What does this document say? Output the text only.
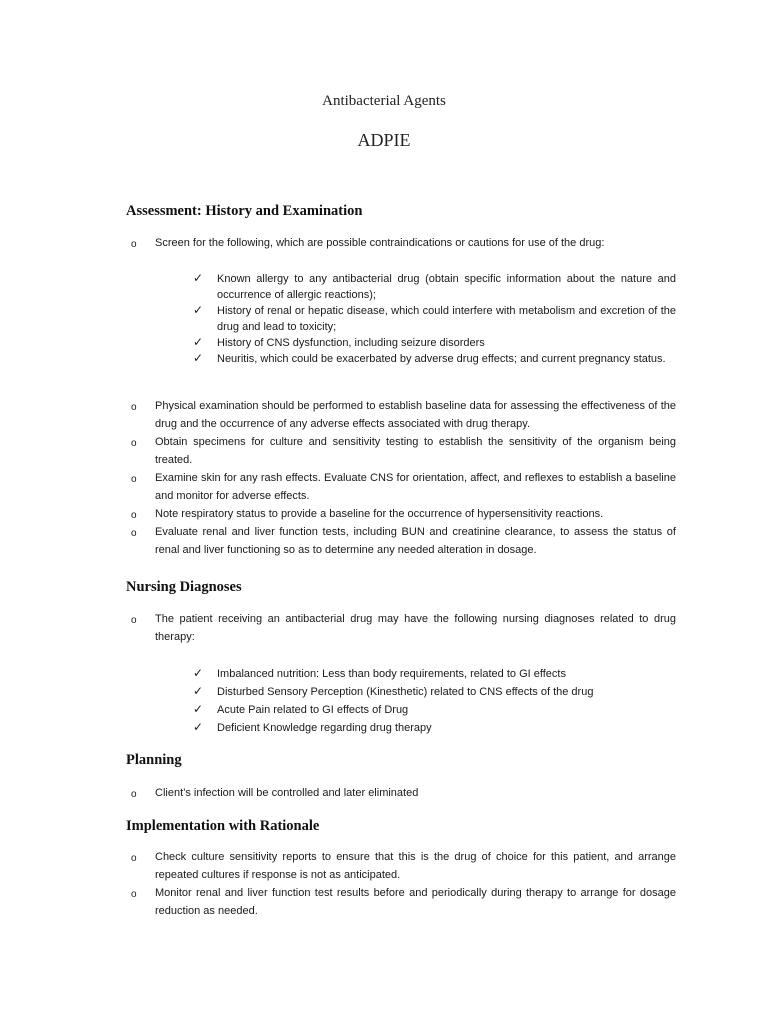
Antibacterial Agents
ADPIE
Assessment: History and Examination
o Screen for the following, which are possible contraindications or cautions for use of the drug:
✓ Known allergy to any antibacterial drug (obtain specific information about the nature and occurrence of allergic reactions);
✓ History of renal or hepatic disease, which could interfere with metabolism and excretion of the drug and lead to toxicity;
✓ History of CNS dysfunction, including seizure disorders
✓ Neuritis, which could be exacerbated by adverse drug effects; and current pregnancy status.
o Physical examination should be performed to establish baseline data for assessing the effectiveness of the drug and the occurrence of any adverse effects associated with drug therapy.
o Obtain specimens for culture and sensitivity testing to establish the sensitivity of the organism being treated.
o Examine skin for any rash effects. Evaluate CNS for orientation, affect, and reflexes to establish a baseline and monitor for adverse effects.
o Note respiratory status to provide a baseline for the occurrence of hypersensitivity reactions.
o Evaluate renal and liver function tests, including BUN and creatinine clearance, to assess the status of renal and liver functioning so as to determine any needed alteration in dosage.
Nursing Diagnoses
o The patient receiving an antibacterial drug may have the following nursing diagnoses related to drug therapy:
✓ Imbalanced nutrition: Less than body requirements, related to GI effects
✓ Disturbed Sensory Perception (Kinesthetic) related to CNS effects of the drug
✓ Acute Pain related to GI effects of Drug
✓ Deficient Knowledge regarding drug therapy
Planning
o Client’s infection will be controlled and later eliminated
Implementation with Rationale
o Check culture sensitivity reports to ensure that this is the drug of choice for this patient, and arrange repeated cultures if response is not as anticipated.
o Monitor renal and liver function test results before and periodically during therapy to arrange for dosage reduction as needed.
